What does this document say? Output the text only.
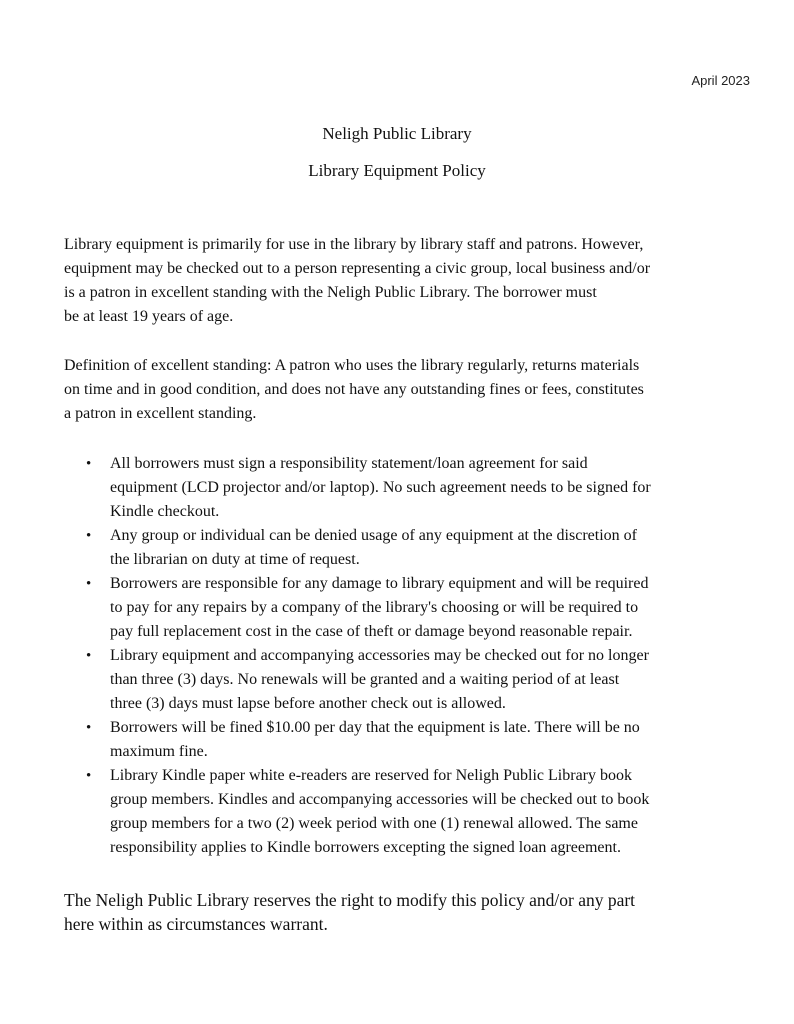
April 2023
Neligh Public Library
Library Equipment Policy

Library equipment is primarily for use in the library by library staff and patrons. However,
equipment may be checked out to a person representing a civic group, local business and/or
is a patron in excellent standing with the Neligh Public Library. The borrower must
be at least 19 years of age.

Definition of excellent standing: A patron who uses the library regularly, returns materials
on time and in good condition, and does not have any outstanding fines or fees, constitutes
a patron in excellent standing.

• All borrowers must sign a responsibility statement/loan agreement for said
equipment (LCD projector and/or laptop). No such agreement needs to be signed for
Kindle checkout.
• Any group or individual can be denied usage of any equipment at the discretion of
the librarian on duty at time of request.
• Borrowers are responsible for any damage to library equipment and will be required
to pay for any repairs by a company of the library's choosing or will be required to
pay full replacement cost in the case of theft or damage beyond reasonable repair.
• Library equipment and accompanying accessories may be checked out for no longer
than three (3) days. No renewals will be granted and a waiting period of at least
three (3) days must lapse before another check out is allowed.
• Borrowers will be fined $10.00 per day that the equipment is late. There will be no
maximum fine.
• Library Kindle paper white e-readers are reserved for Neligh Public Library book
group members. Kindles and accompanying accessories will be checked out to book
group members for a two (2) week period with one (1) renewal allowed. The same
responsibility applies to Kindle borrowers excepting the signed loan agreement.
The Neligh Public Library reserves the right to modify this policy and/or any part
here within as circumstances warrant.
